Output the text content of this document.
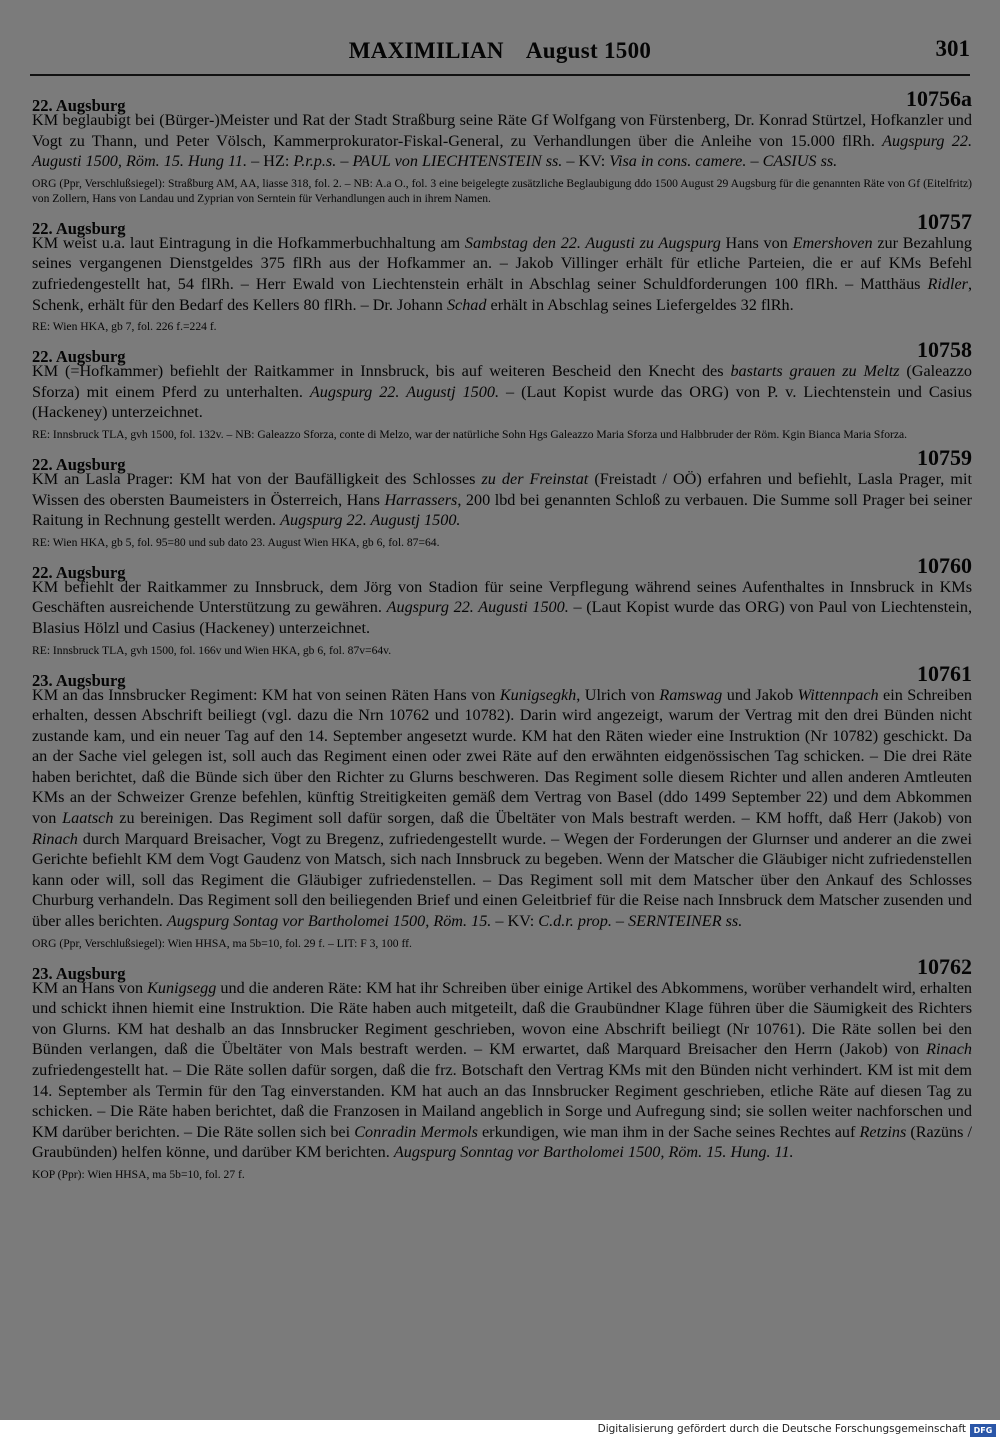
MAXIMILIAN August 1500	301
22. Augsburg	10756a
KM beglaubigt bei (Bürger-)Meister und Rat der Stadt Straßburg seine Räte Gf Wolfgang von Fürstenberg, Dr. Konrad Stürtzel, Hofkanzler und Vogt zu Thann, und Peter Völsch, Kammerprokurator-Fiskal-General, zu Verhandlungen über die Anleihe von 15.000 flRh. Augspurg 22. Augusti 1500, Röm. 15. Hung 11. – HZ: P.r.p.s. – PAUL von LIECHTENSTEIN ss. – KV: Visa in cons. camere. – CASIUS ss.
ORG (Ppr, Verschlußsiegel): Straßburg AM, AA, liasse 318, fol. 2. – NB: A.a O., fol. 3 eine beigelegte zusätzliche Beglaubigung ddo 1500 August 29 Augsburg für die genannten Räte von Gf (Eitelfritz) von Zollern, Hans von Landau und Zyprian von Serntein für Verhandlungen auch in ihrem Namen.
22. Augsburg	10757
KM weist u.a. laut Eintragung in die Hofkammerbuchhaltung am Sambstag den 22. Augusti zu Augspurg Hans von Emershoven zur Bezahlung seines vergangenen Dienstgeldes 375 flRh aus der Hofkammer an. – Jakob Villinger erhält für etliche Parteien, die er auf KMs Befehl zufriedengestellt hat, 54 flRh. – Herr Ewald von Liechtenstein erhält in Abschlag seiner Schuldforderungen 100 flRh. – Matthäus Ridler, Schenk, erhält für den Bedarf des Kellers 80 flRh. – Dr. Johann Schad erhält in Abschlag seines Liefergeldes 32 flRh.
RE: Wien HKA, gb 7, fol. 226 f.=224 f.
22. Augsburg	10758
KM (=Hofkammer) befiehlt der Raitkammer in Innsbruck, bis auf weiteren Bescheid den Knecht des bastarts grauen zu Meltz (Galeazzo Sforza) mit einem Pferd zu unterhalten. Augspurg 22. Augustj 1500. – (Laut Kopist wurde das ORG) von P. v. Liechtenstein und Casius (Hackeney) unterzeichnet.
RE: Innsbruck TLA, gvh 1500, fol. 132v. – NB: Galeazzo Sforza, conte di Melzo, war der natürliche Sohn Hgs Galeazzo Maria Sforza und Halbbruder der Röm. Kgin Bianca Maria Sforza.
22. Augsburg	10759
KM an Lasla Prager: KM hat von der Baufälligkeit des Schlosses zu der Freinstat (Freistadt / OÖ) erfahren und befiehlt, Lasla Prager, mit Wissen des obersten Baumeisters in Österreich, Hans Harrassers, 200 lbd bei genannten Schloß zu verbauen. Die Summe soll Prager bei seiner Raitung in Rechnung gestellt werden. Augspurg 22. Augustj 1500.
RE: Wien HKA, gb 5, fol. 95=80 und sub dato 23. August Wien HKA, gb 6, fol. 87=64.
22. Augsburg	10760
KM befiehlt der Raitkammer zu Innsbruck, dem Jörg von Stadion für seine Verpflegung während seines Aufenthaltes in Innsbruck in KMs Geschäften ausreichende Unterstützung zu gewähren. Augspurg 22. Augusti 1500. – (Laut Kopist wurde das ORG) von Paul von Liechtenstein, Blasius Hölzl und Casius (Hackeney) unterzeichnet.
RE: Innsbruck TLA, gvh 1500, fol. 166v und Wien HKA, gb 6, fol. 87v=64v.
23. Augsburg	10761
KM an das Innsbrucker Regiment: KM hat von seinen Räten Hans von Kunigsegkh, Ulrich von Ramswag und Jakob Wittennpach ein Schreiben erhalten, dessen Abschrift beiliegt (vgl. dazu die Nrn 10762 und 10782). Darin wird angezeigt, warum der Vertrag mit den drei Bünden nicht zustande kam, und ein neuer Tag auf den 14. September angesetzt wurde. KM hat den Räten wieder eine Instruktion (Nr 10782) geschickt. Da an der Sache viel gelegen ist, soll auch das Regiment einen oder zwei Räte auf den erwähnten eidgenössischen Tag schicken. – Die drei Räte haben berichtet, daß die Bünde sich über den Richter zu Glurns beschweren. Das Regiment solle diesem Richter und allen anderen Amtleuten KMs an der Schweizer Grenze befehlen, künftig Streitigkeiten gemäß dem Vertrag von Basel (ddo 1499 September 22) und dem Abkommen von Laatsch zu bereinigen. Das Regiment soll dafür sorgen, daß die Übeltäter von Mals bestraft werden. – KM hofft, daß Herr (Jakob) von Rinach durch Marquard Breisacher, Vogt zu Bregenz, zufriedengestellt wurde. – Wegen der Forderungen der Glurnser und anderer an die zwei Gerichte befiehlt KM dem Vogt Gaudenz von Matsch, sich nach Innsbruck zu begeben. Wenn der Matscher die Gläubiger nicht zufriedenstellen kann oder will, soll das Regiment die Gläubiger zufriedenstellen. – Das Regiment soll mit dem Matscher über den Ankauf des Schlosses Churburg verhandeln. Das Regiment soll den beiliegenden Brief und einen Geleitbrief für die Reise nach Innsbruck dem Matscher zusenden und über alles berichten. Augspurg Sontag vor Bartholomei 1500, Röm. 15. – KV: C.d.r. prop. – SERNTEINER ss.
ORG (Ppr, Verschlußsiegel): Wien HHSA, ma 5b=10, fol. 29 f. – LIT: F 3, 100 ff.
23. Augsburg	10762
KM an Hans von Kunigsegg und die anderen Räte: KM hat ihr Schreiben über einige Artikel des Abkommens, worüber verhandelt wird, erhalten und schickt ihnen hiemit eine Instruktion. Die Räte haben auch mitgeteilt, daß die Graubündner Klage führen über die Säumigkeit des Richters von Glurns. KM hat deshalb an das Innsbrucker Regiment geschrieben, wovon eine Abschrift beiliegt (Nr 10761). Die Räte sollen bei den Bünden verlangen, daß die Übeltäter von Mals bestraft werden. – KM erwartet, daß Marquard Breisacher den Herrn (Jakob) von Rinach zufriedengestellt hat. – Die Räte sollen dafür sorgen, daß die frz. Botschaft den Vertrag KMs mit den Bünden nicht verhindert. KM ist mit dem 14. September als Termin für den Tag einverstanden. KM hat auch an das Innsbrucker Regiment geschrieben, etliche Räte auf diesen Tag zu schicken. – Die Räte haben berichtet, daß die Franzosen in Mailand angeblich in Sorge und Aufregung sind; sie sollen weiter nachforschen und KM darüber berichten. – Die Räte sollen sich bei Conradin Mermols erkundigen, wie man ihm in der Sache seines Rechtes auf Retzins (Razüns / Graubünden) helfen könne, und darüber KM berichten. Augspurg Sonntag vor Bartholomei 1500, Röm. 15. Hung. 11.
KOP (Ppr): Wien HHSA, ma 5b=10, fol. 27 f.
Digitalisierung gefördert durch die Deutsche Forschungsgemeinschaft DFG
